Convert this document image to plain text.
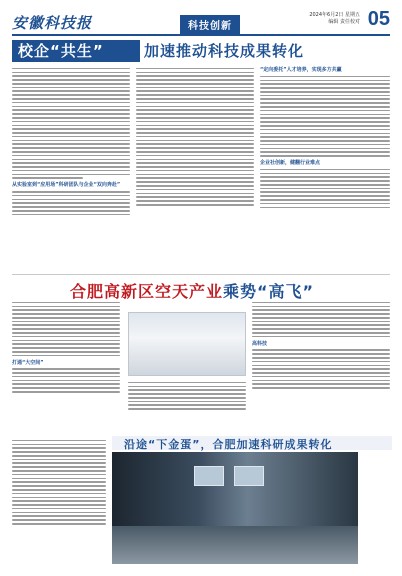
安徽科技报	科技创新
2024年6月2日 星期五
编辑 责任校对 05
校企“共生”	加速推动科技成果转化
从实验室到“应用场”科研团队与企业“双向奔赴”
“定向委托”人才培养，实现多方共赢
企业社创新，健翻行业难点
合肥高新区空天产业乘势“高飞”
打通“大空间”
高科技
沿途“下金蛋”，合肥加速科研成果转化
